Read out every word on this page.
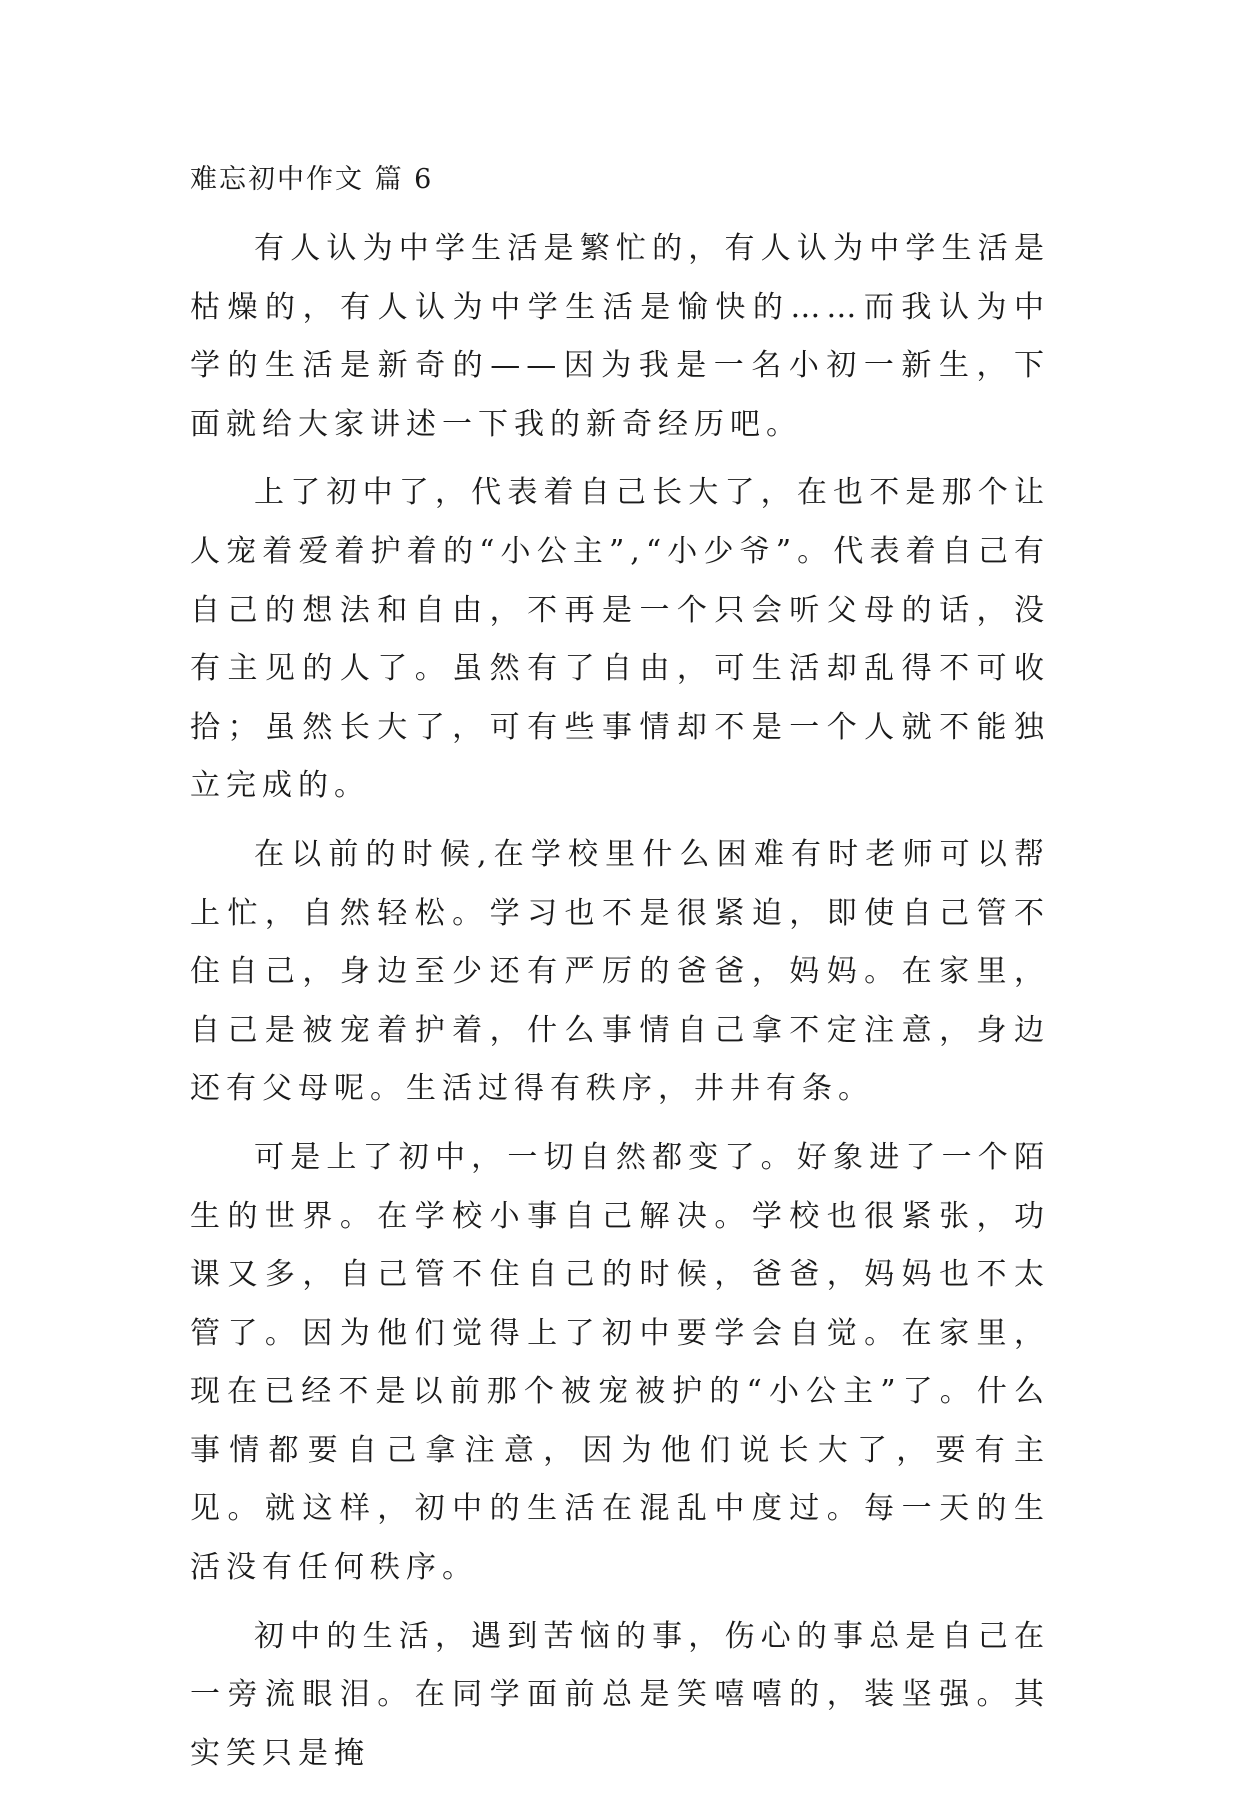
难忘初中作文 篇 6

有人认为中学生活是繁忙的，有人认为中学生活是枯燥的，有人认为中学生活是愉快的……而我认为中学的生活是新奇的——因为我是一名小初一新生，下面就给大家讲述一下我的新奇经历吧。

上了初中了，代表着自己长大了，在也不是那个让人宠着爱着护着的“小公主”,“小少爷”。代表着自己有自己的想法和自由，不再是一个只会听父母的话，没有主见的人了。虽然有了自由，可生活却乱得不可收拾；虽然长大了，可有些事情却不是一个人就不能独立完成的。

在以前的时候,在学校里什么困难有时老师可以帮上忙，自然轻松。学习也不是很紧迫，即使自己管不住自己，身边至少还有严厉的爸爸，妈妈。在家里，自己是被宠着护着，什么事情自己拿不定注意，身边还有父母呢。生活过得有秩序，井井有条。

可是上了初中，一切自然都变了。好象进了一个陌生的世界。在学校小事自己解决。学校也很紧张，功课又多，自己管不住自己的时候，爸爸，妈妈也不太管了。因为他们觉得上了初中要学会自觉。在家里，现在已经不是以前那个被宠被护的“小公主”了。什么事情都要自己拿注意，因为他们说长大了，要有主见。就这样，初中的生活在混乱中度过。每一天的生活没有任何秩序。

初中的生活，遇到苦恼的事，伤心的事总是自己在一旁流眼泪。在同学面前总是笑嘻嘻的，装坚强。其实笑只是掩
